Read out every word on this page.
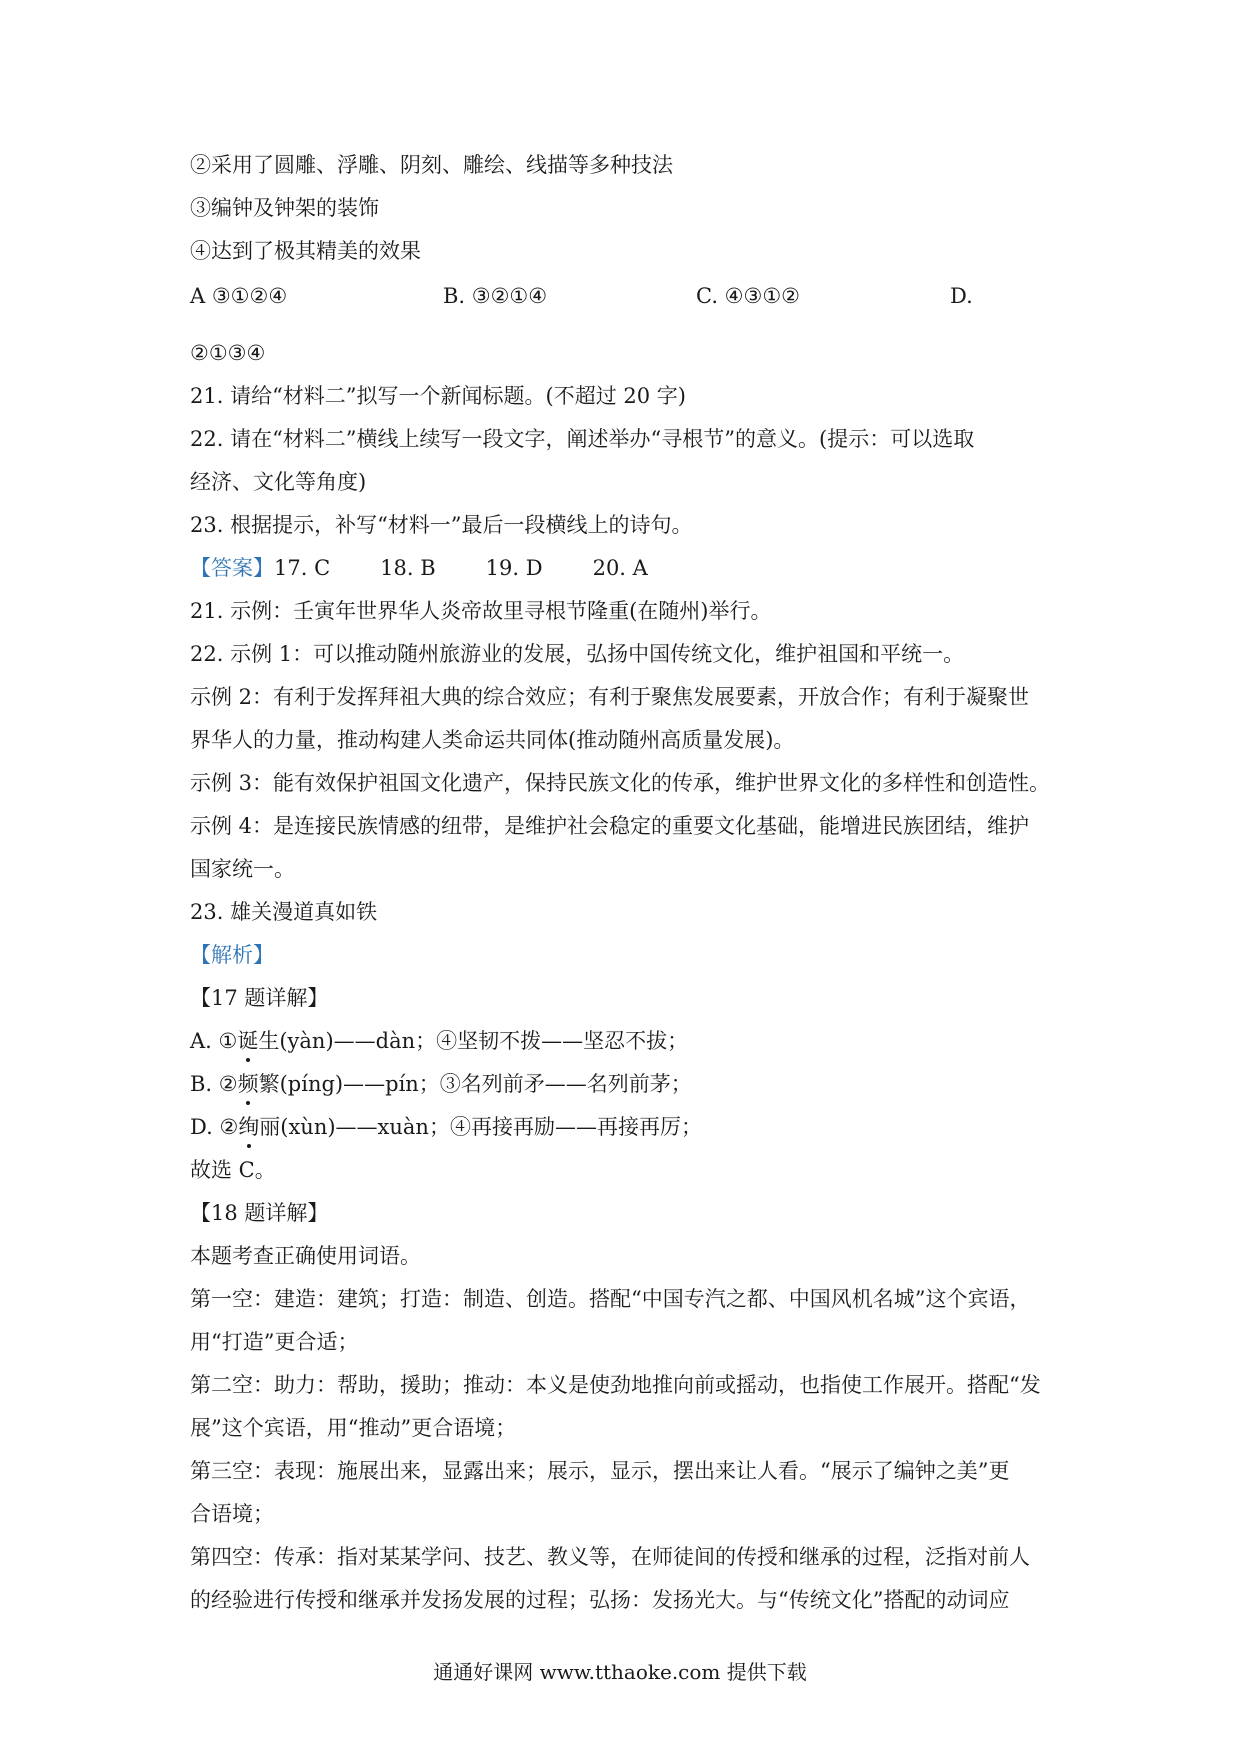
②采用了圆雕、浮雕、阴刻、雕绘、线描等多种技法
③编钟及钟架的装饰
④达到了极其精美的效果
A ③①②④	B. ③②①④	C. ④③①②	D.
②①③④
21. 请给“材料二”拟写一个新闻标题。(不超过 20 字)
22. 请在“材料二”横线上续写一段文字，阐述举办“寻根节”的意义。(提示：可以选取
经济、文化等角度)
23. 根据提示，补写“材料一”最后一段横线上的诗句。
【答案】17. C 18. B 19. D 20. A
21. 示例：壬寅年世界华人炎帝故里寻根节隆重(在随州)举行。
22. 示例 1：可以推动随州旅游业的发展，弘扬中国传统文化，维护祖国和平统一。
示例 2：有利于发挥拜祖大典的综合效应；有利于聚焦发展要素，开放合作；有利于凝聚世
界华人的力量，推动构建人类命运共同体(推动随州高质量发展)。
示例 3：能有效保护祖国文化遗产，保持民族文化的传承，维护世界文化的多样性和创造性。
示例 4：是连接民族情感的纽带，是维护社会稳定的重要文化基础，能增进民族团结，维护
国家统一。
23. 雄关漫道真如铁
【解析】
【17 题详解】
A. ①诞生(yàn)——dàn；④坚韧不拨——坚忍不拔；
B. ②频繁(píng)——pín；③名列前矛——名列前茅；
D. ②绚丽(xùn)——xuàn；④再接再励——再接再厉；
故选 C。
【18 题详解】
本题考查正确使用词语。
第一空：建造：建筑；打造：制造、创造。搭配“中国专汽之都、中国风机名城”这个宾语，
用“打造”更合适；
第二空：助力：帮助，援助；推动：本义是使劲地推向前或摇动，也指使工作展开。搭配“发
展”这个宾语，用“推动”更合语境；
第三空：表现：施展出来，显露出来；展示，显示，摆出来让人看。“展示了编钟之美”更
合语境；
第四空：传承：指对某某学问、技艺、教义等，在师徒间的传授和继承的过程，泛指对前人
的经验进行传授和继承并发扬发展的过程；弘扬：发扬光大。与“传统文化”搭配的动词应
通通好课网 www.tthaoke.com 提供下载
